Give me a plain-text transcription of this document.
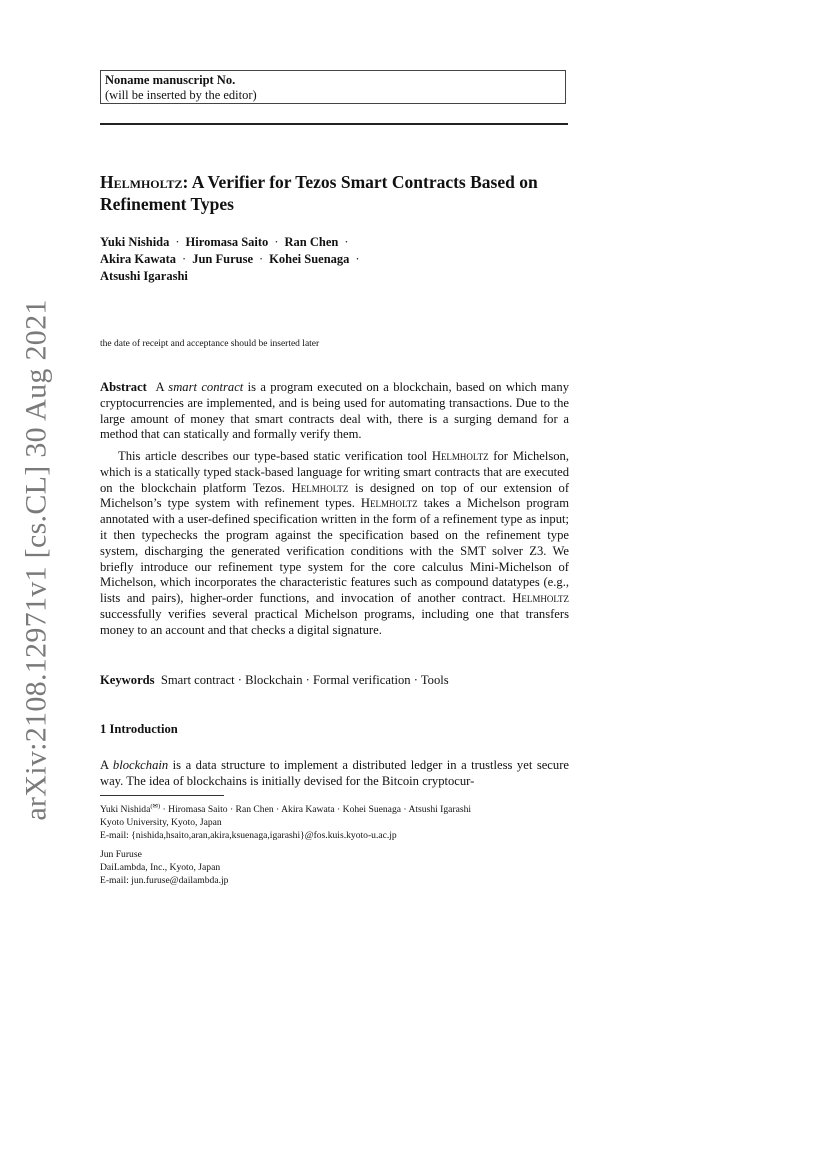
arXiv:2108.12971v1 [cs.CL] 30 Aug 2021
Noname manuscript No.
(will be inserted by the editor)
Helmholtz: A Verifier for Tezos Smart Contracts Based on Refinement Types
Yuki Nishida · Hiromasa Saito · Ran Chen ·
Akira Kawata · Jun Furuse · Kohei Suenaga ·
Atsushi Igarashi
the date of receipt and acceptance should be inserted later
Abstract A smart contract is a program executed on a blockchain, based on which many cryptocurrencies are implemented, and is being used for automating transactions. Due to the large amount of money that smart contracts deal with, there is a surging demand for a method that can statically and formally verify them.
This article describes our type-based static verification tool Helmholtz for Michelson, which is a statically typed stack-based language for writing smart contracts that are executed on the blockchain platform Tezos. Helmholtz is designed on top of our extension of Michelson’s type system with refinement types. Helmholtz takes a Michelson program annotated with a user-defined specification written in the form of a refinement type as input; it then typechecks the program against the specification based on the refinement type system, discharging the generated verification conditions with the SMT solver Z3. We briefly introduce our refinement type system for the core calculus Mini-Michelson of Michelson, which incorporates the characteristic features such as compound datatypes (e.g., lists and pairs), higher-order functions, and invocation of another contract. Helmholtz successfully verifies several practical Michelson programs, including one that transfers money to an account and that checks a digital signature.
Keywords Smart contract · Blockchain · Formal verification · Tools
1 Introduction
A blockchain is a data structure to implement a distributed ledger in a trustless yet secure way. The idea of blockchains is initially devised for the Bitcoin cryptocur-
Yuki Nishida(✉) · Hiromasa Saito · Ran Chen · Akira Kawata · Kohei Suenaga · Atsushi Igarashi
Kyoto University, Kyoto, Japan
E-mail: {nishida,hsaito,aran,akira,ksuenaga,igarashi}@fos.kuis.kyoto-u.ac.jp
Jun Furuse
DaiLambda, Inc., Kyoto, Japan
E-mail: jun.furuse@dailambda.jp
